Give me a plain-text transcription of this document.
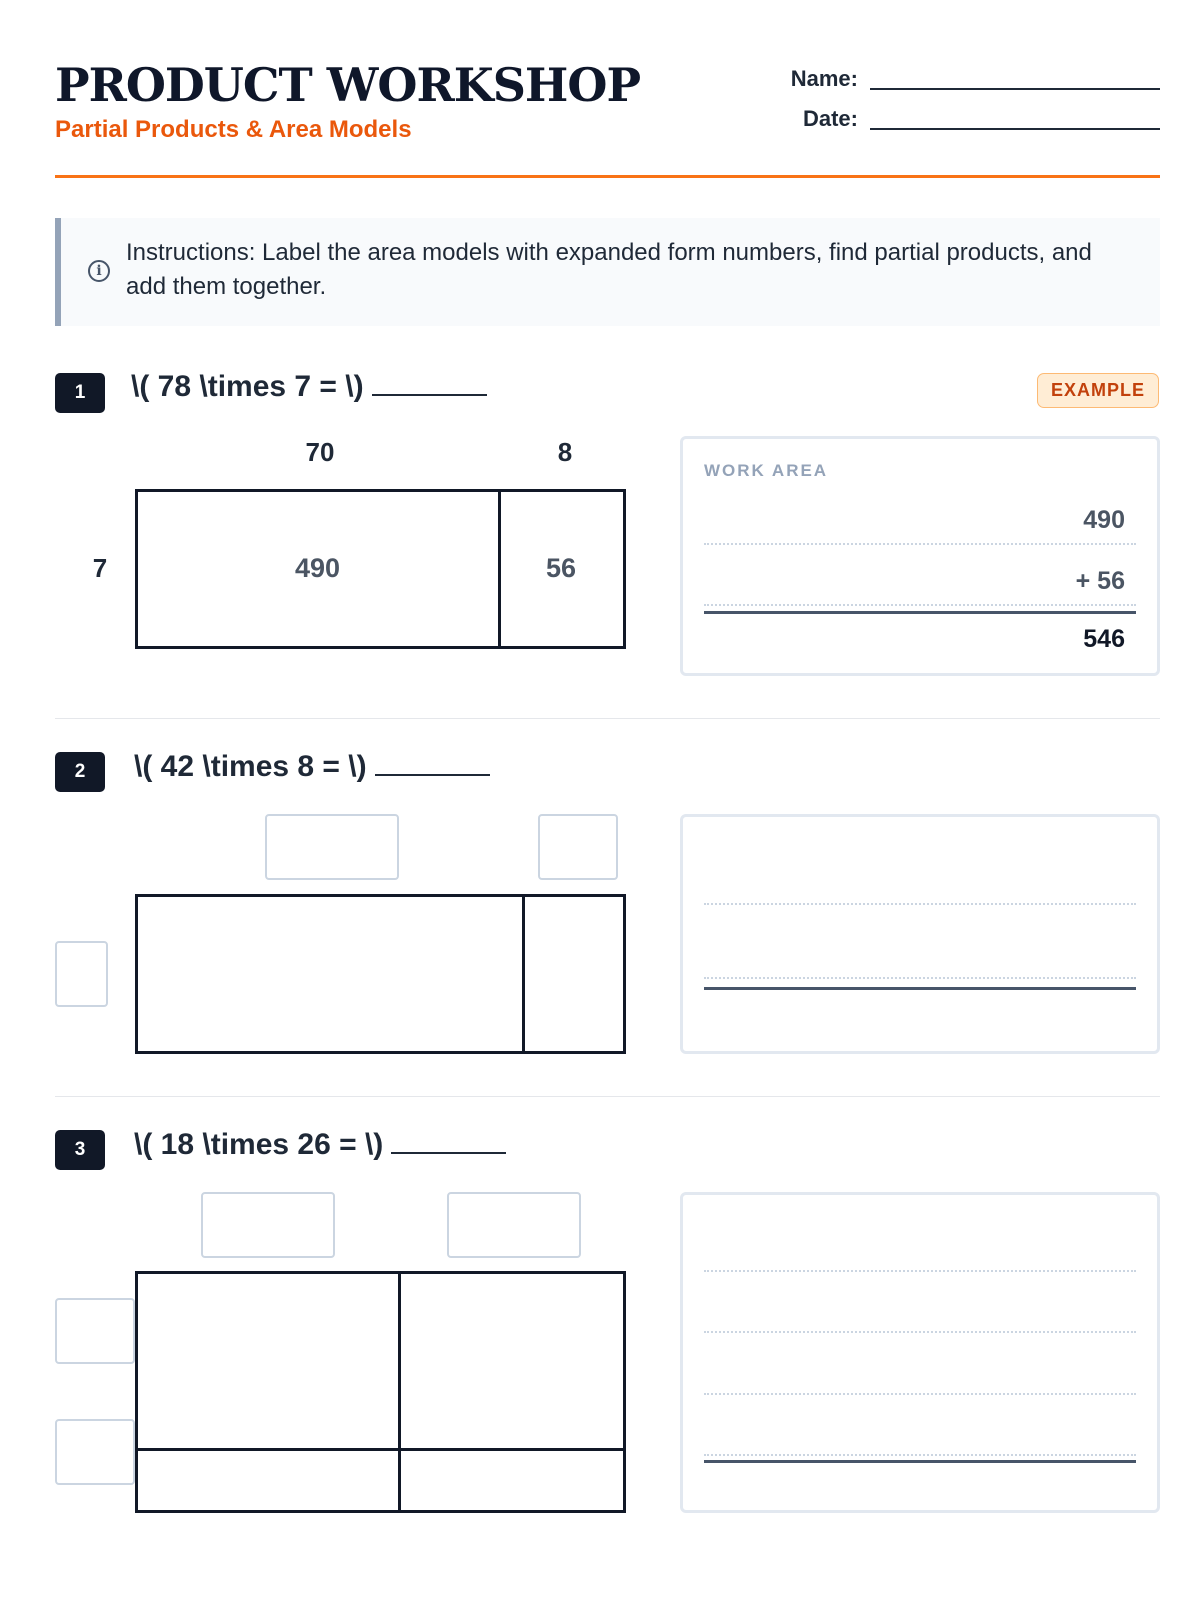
PRODUCT WORKSHOP
Partial Products & Area Models
Name:
Date:
i
Instructions: Label the area models with expanded form numbers, find partial products, and add them together.
1	\( 78 \times 7 = \)	EXAMPLE
70	8
7	490	56
WORK AREA
490
+ 56
546
2	\( 42 \times 8 = \)
3	\( 18 \times 26 = \)
